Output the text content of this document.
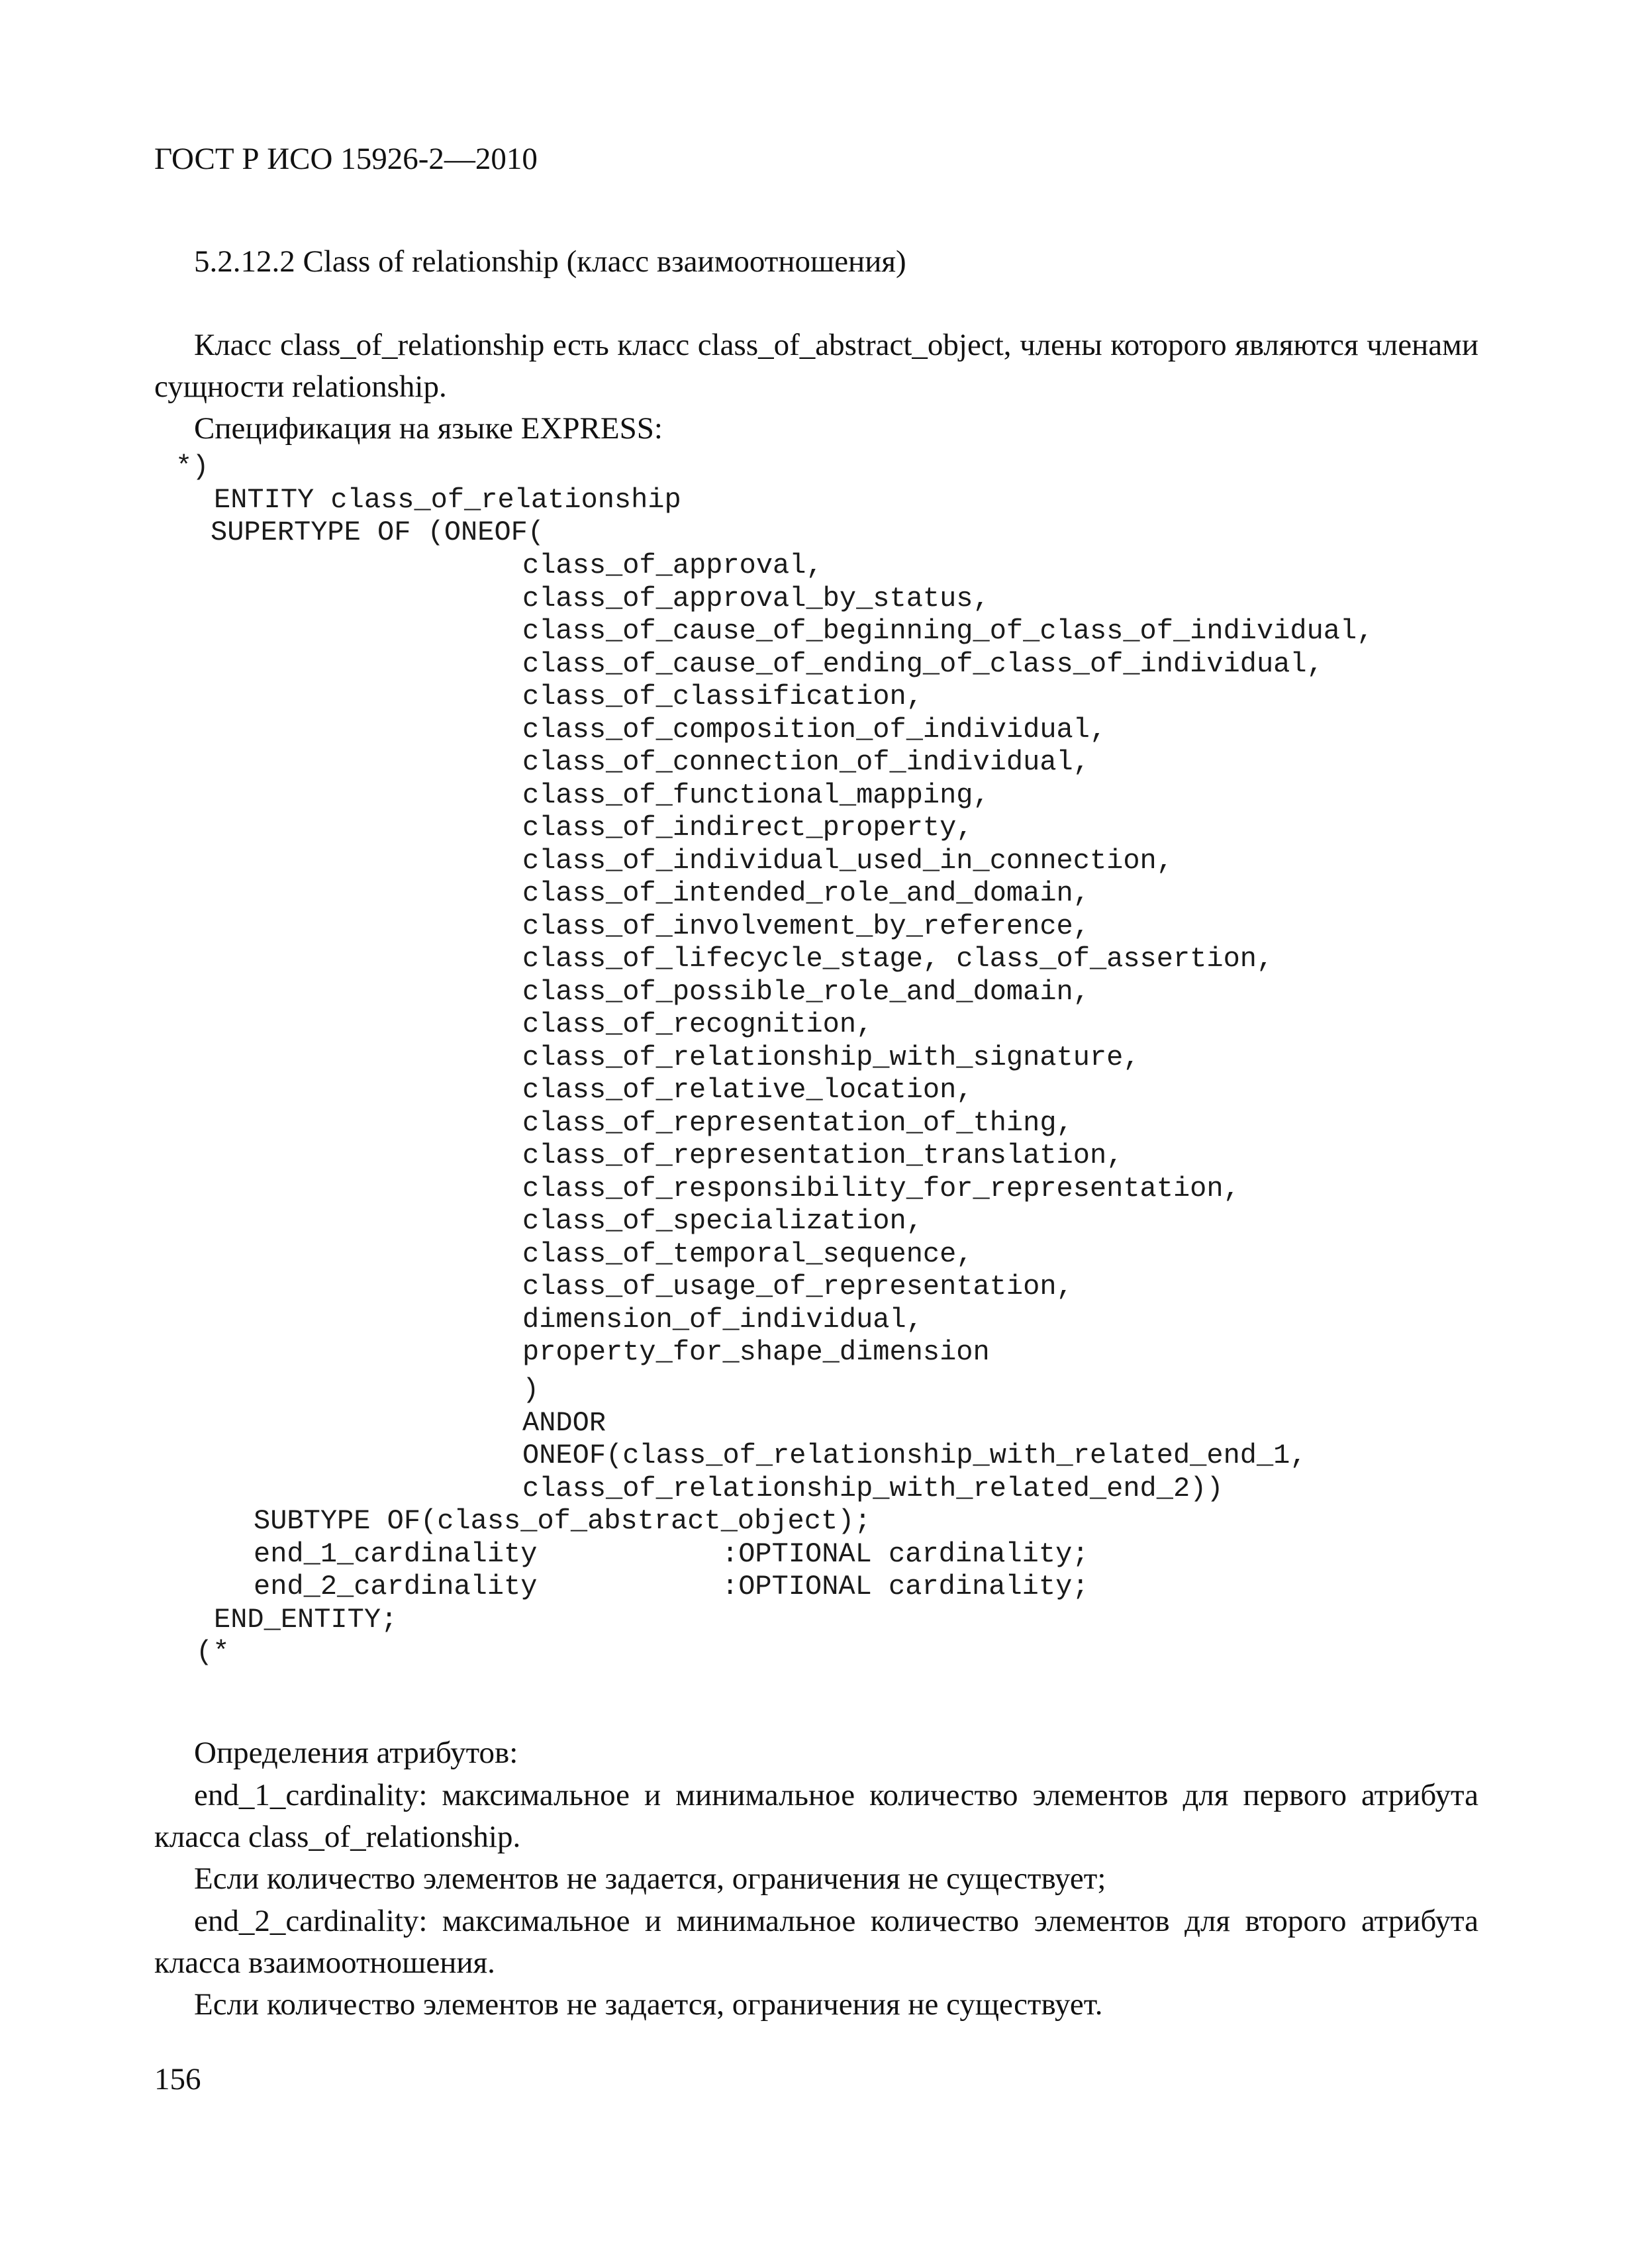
ГОСТ Р ИСО 15926-2—2010
5.2.12.2 Class of relationship (класс взаимоотношения)

Класс class_of_relationship есть класс class_of_abstract_object, члены которого являются членами сущности relationship.

Спецификация на языке EXPRESS:

*)
ENTITY class_of_relationship
SUPERTYPE OF (ONEOF(
class_of_approval,
class_of_approval_by_status,
class_of_cause_of_beginning_of_class_of_individual,
class_of_cause_of_ending_of_class_of_individual,
class_of_classification,
class_of_composition_of_individual,
class_of_connection_of_individual,
class_of_functional_mapping,
class_of_indirect_property,
class_of_individual_used_in_connection,
class_of_intended_role_and_domain,
class_of_involvement_by_reference,
class_of_lifecycle_stage, class_of_assertion,
class_of_possible_role_and_domain,
class_of_recognition,
class_of_relationship_with_signature,
class_of_relative_location,
class_of_representation_of_thing,
class_of_representation_translation,
class_of_responsibility_for_representation,
class_of_specialization,
class_of_temporal_sequence,
class_of_usage_of_representation,
dimension_of_individual,
property_for_shape_dimension
)
ANDOR
ONEOF(class_of_relationship_with_related_end_1,
class_of_relationship_with_related_end_2))
SUBTYPE OF(class_of_abstract_object);
end_1_cardinality	:OPTIONAL cardinality;
end_2_cardinality	:OPTIONAL cardinality;
END_ENTITY;
(*

Определения атрибутов:

end_1_cardinality: максимальное и минимальное количество элементов для первого атрибута класса class_of_relationship.

Если количество элементов не задается, ограничения не существует;

end_2_cardinality: максимальное и минимальное количество элементов для второго атрибута класса взаимоотношения.

Если количество элементов не задается, ограничения не существует.

156
